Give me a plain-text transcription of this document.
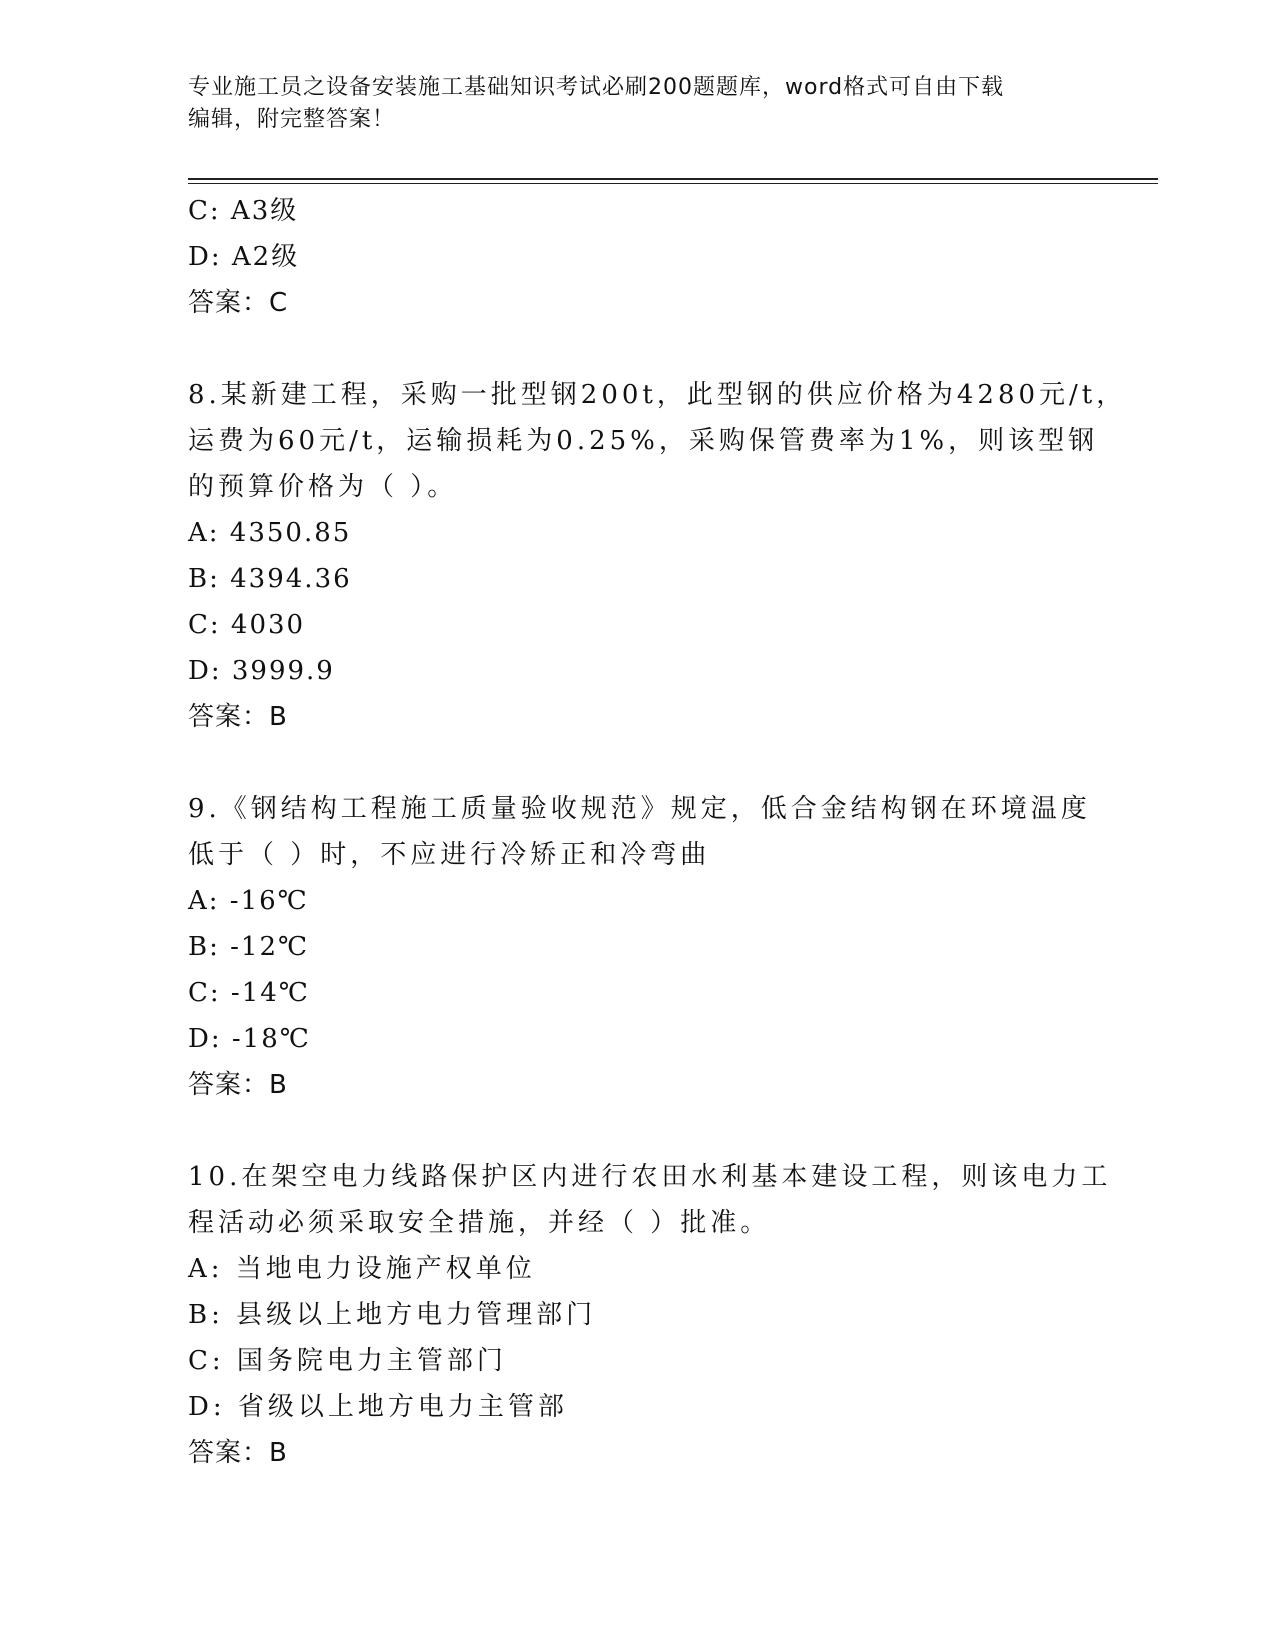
专业施工员之设备安装施工基础知识考试必刷200题题库，word格式可自由下载
编辑，附完整答案！
C: A3级
D: A2级
答案：C
8.某新建工程，采购一批型钢200t，此型钢的供应价格为4280元/t，
运费为60元/t，运输损耗为0.25%，采购保管费率为1%，则该型钢
的预算价格为（ ）。
A: 4350.85
B: 4394.36
C: 4030
D: 3999.9
答案：B
9.《钢结构工程施工质量验收规范》规定，低合金结构钢在环境温度
低于（ ）时，不应进行冷矫正和冷弯曲
A: -16℃
B: -12℃
C: -14℃
D: -18℃
答案：B
10.在架空电力线路保护区内进行农田水利基本建设工程，则该电力工
程活动必须采取安全措施，并经（ ）批准。
A: 当地电力设施产权单位
B: 县级以上地方电力管理部门
C: 国务院电力主管部门
D: 省级以上地方电力主管部
答案：B
